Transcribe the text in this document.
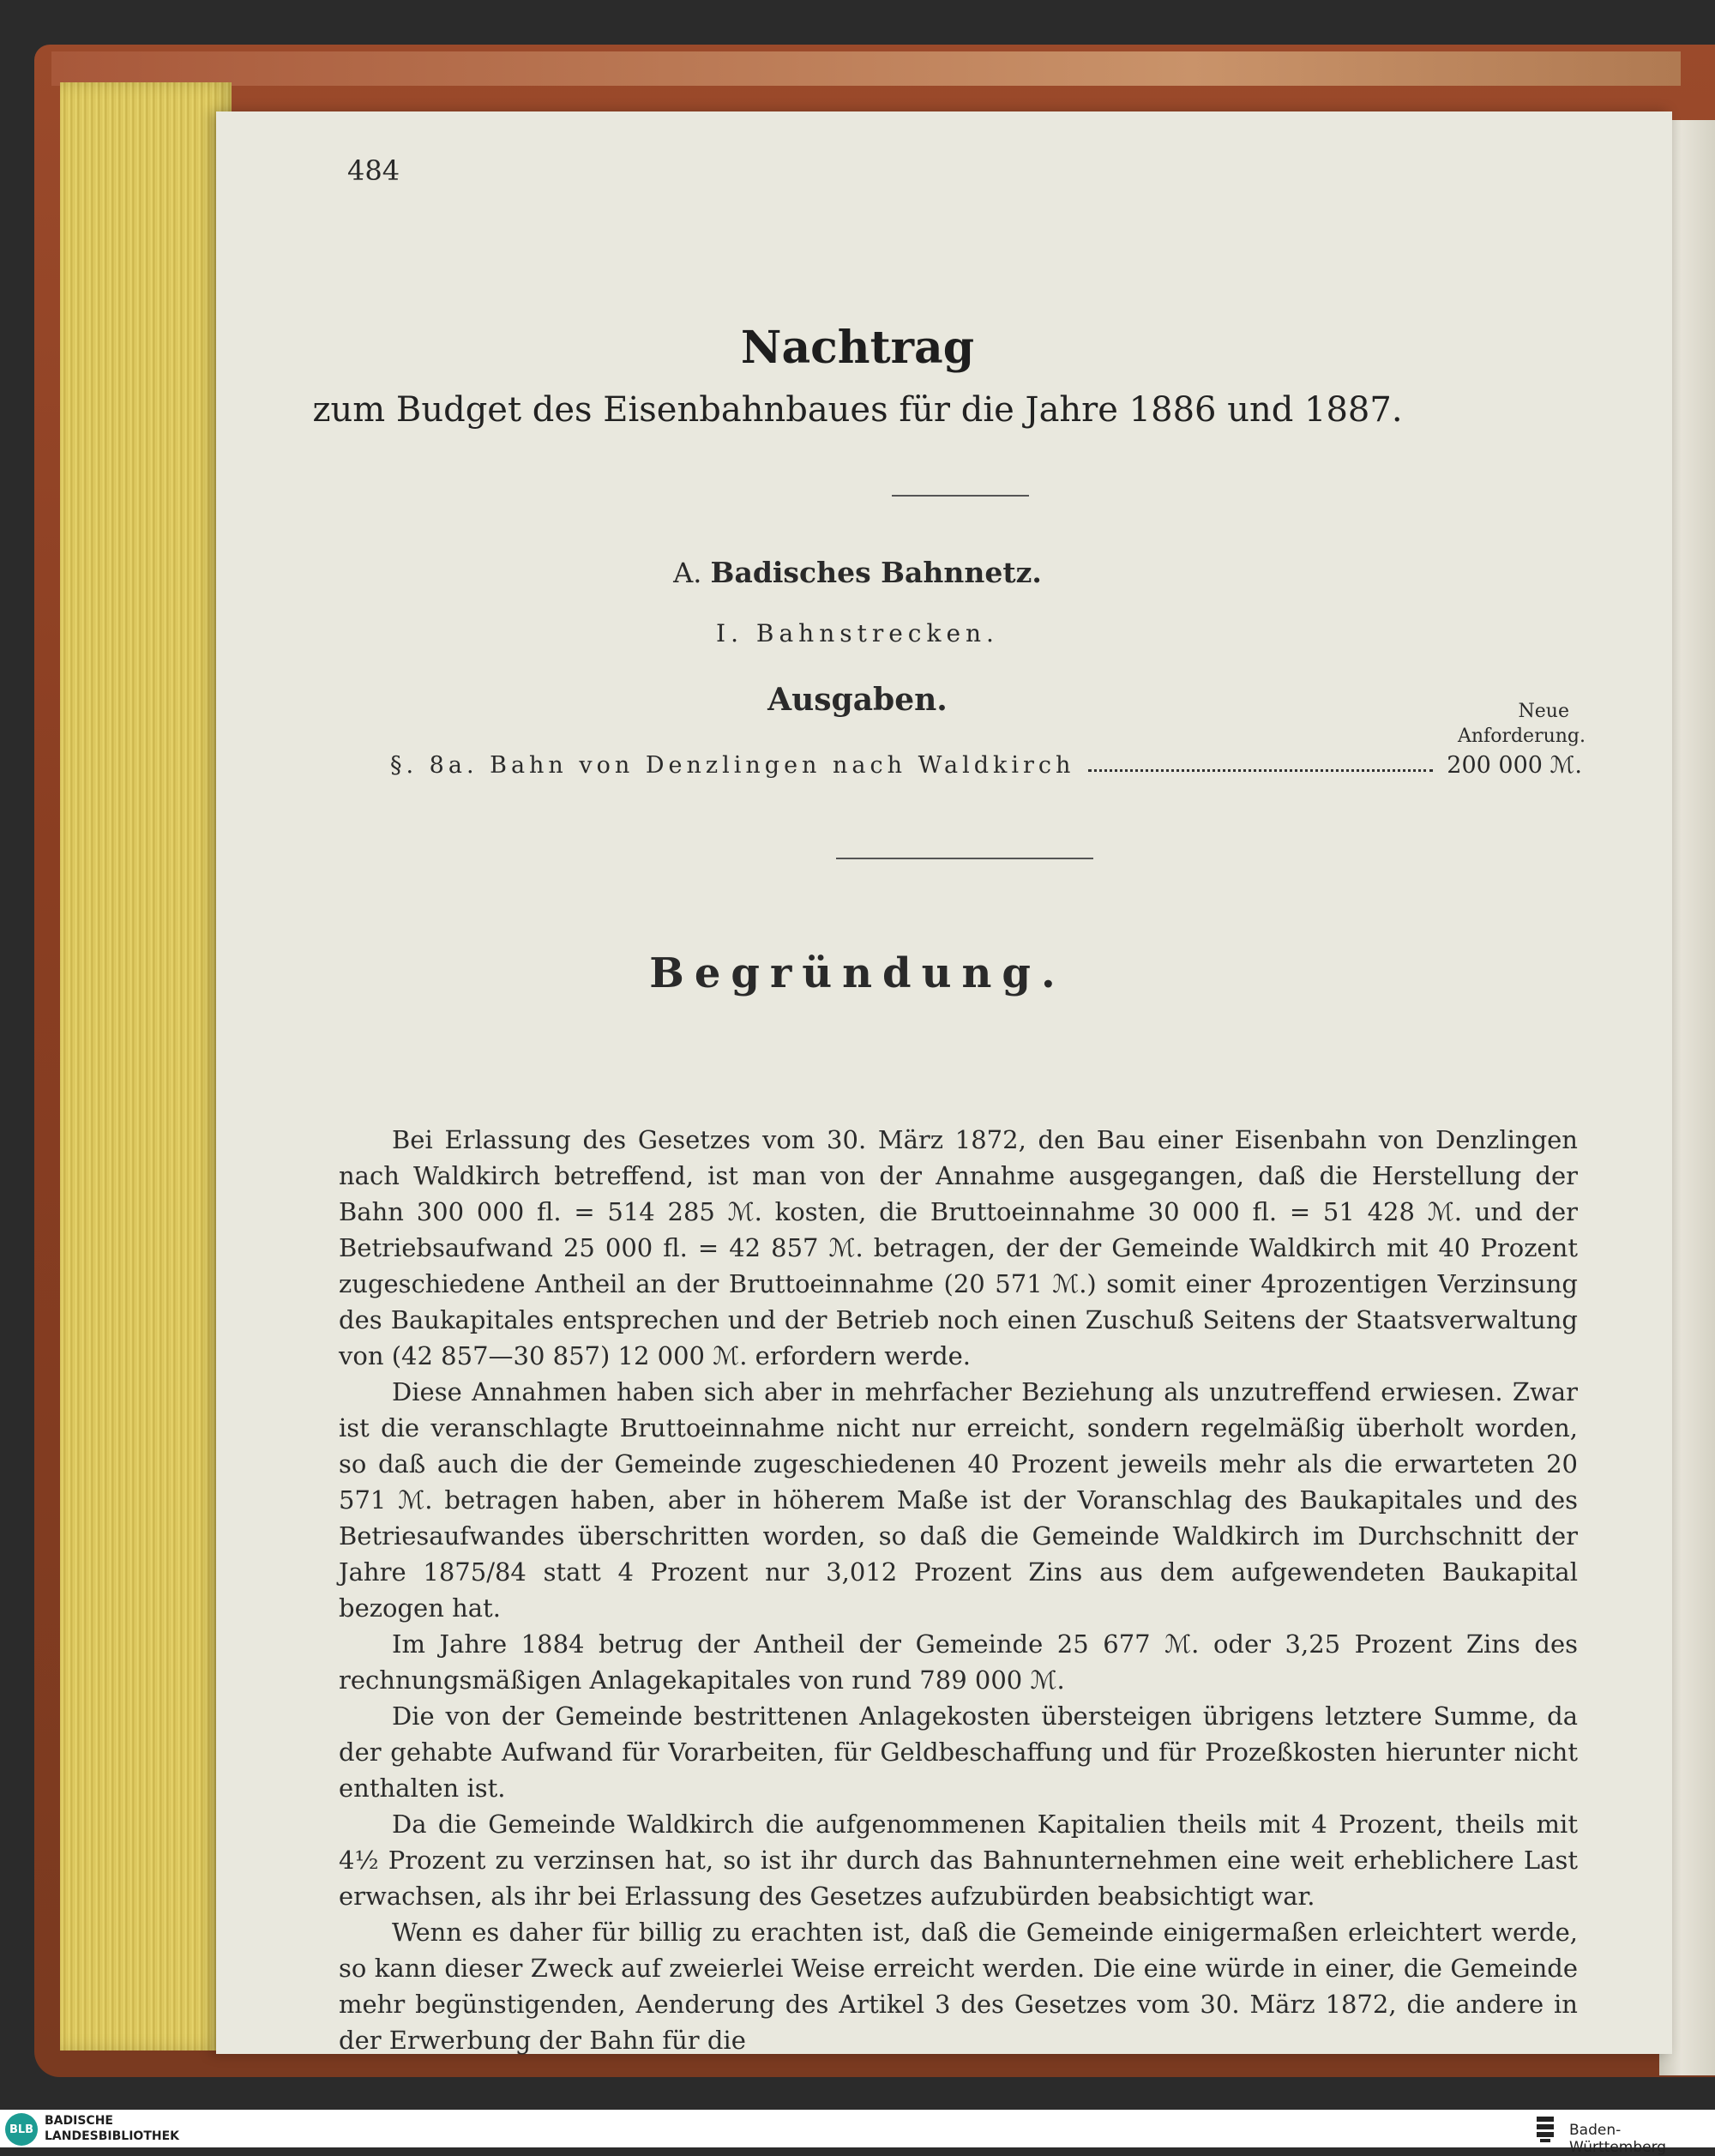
484
Nachtrag
zum Budget des Eisenbahnbaues für die Jahre 1886 und 1887.
A. Badisches Bahnnetz.
I. Bahnstrecken.
Ausgaben.	Neue
Anforderung.
§. 8a. Bahn von Denzlingen nach Waldkirch	200 000 ℳ.
Begründung.

Bei Erlassung des Gesetzes vom 30. März 1872, den Bau einer Eisenbahn von Denzlingen nach Waldkirch betreffend, ist man von der Annahme ausgegangen, daß die Herstellung der Bahn 300 000 fl. = 514 285 ℳ. kosten, die Bruttoeinnahme 30 000 fl. = 51 428 ℳ. und der Betriebsaufwand 25 000 fl. = 42 857 ℳ. betragen, der der Gemeinde Waldkirch mit 40 Prozent zugeschiedene Antheil an der Bruttoeinnahme (20 571 ℳ.) somit einer 4prozentigen Verzinsung des Baukapitales entsprechen und der Betrieb noch einen Zuschuß Seitens der Staatsverwaltung von (42 857—30 857) 12 000 ℳ. erfordern werde.

Diese Annahmen haben sich aber in mehrfacher Beziehung als unzutreffend erwiesen. Zwar ist die veranschlagte Bruttoeinnahme nicht nur erreicht, sondern regelmäßig überholt worden, so daß auch die der Gemeinde zugeschiedenen 40 Prozent jeweils mehr als die erwarteten 20 571 ℳ. betragen haben, aber in höherem Maße ist der Voranschlag des Baukapitales und des Betriesaufwandes überschritten worden, so daß die Gemeinde Waldkirch im Durchschnitt der Jahre 1875/84 statt 4 Prozent nur 3,012 Prozent Zins aus dem aufgewendeten Baukapital bezogen hat.

Im Jahre 1884 betrug der Antheil der Gemeinde 25 677 ℳ. oder 3,25 Prozent Zins des rechnungsmäßigen Anlagekapitales von rund 789 000 ℳ.

Die von der Gemeinde bestrittenen Anlagekosten übersteigen übrigens letztere Summe, da der gehabte Aufwand für Vorarbeiten, für Geldbeschaffung und für Prozeßkosten hierunter nicht enthalten ist.

Da die Gemeinde Waldkirch die aufgenommenen Kapitalien theils mit 4 Prozent, theils mit 4½ Prozent zu verzinsen hat, so ist ihr durch das Bahnunternehmen eine weit erheblichere Last erwachsen, als ihr bei Erlassung des Gesetzes aufzubürden beabsichtigt war.

Wenn es daher für billig zu erachten ist, daß die Gemeinde einigermaßen erleichtert werde, so kann dieser Zweck auf zweierlei Weise erreicht werden. Die eine würde in einer, die Gemeinde mehr begünstigenden, Aenderung des Artikel 3 des Gesetzes vom 30. März 1872, die andere in der Erwerbung der Bahn für die

BLB
BADISCHE
LANDESBIBLIOTHEK	Baden-Württemberg
